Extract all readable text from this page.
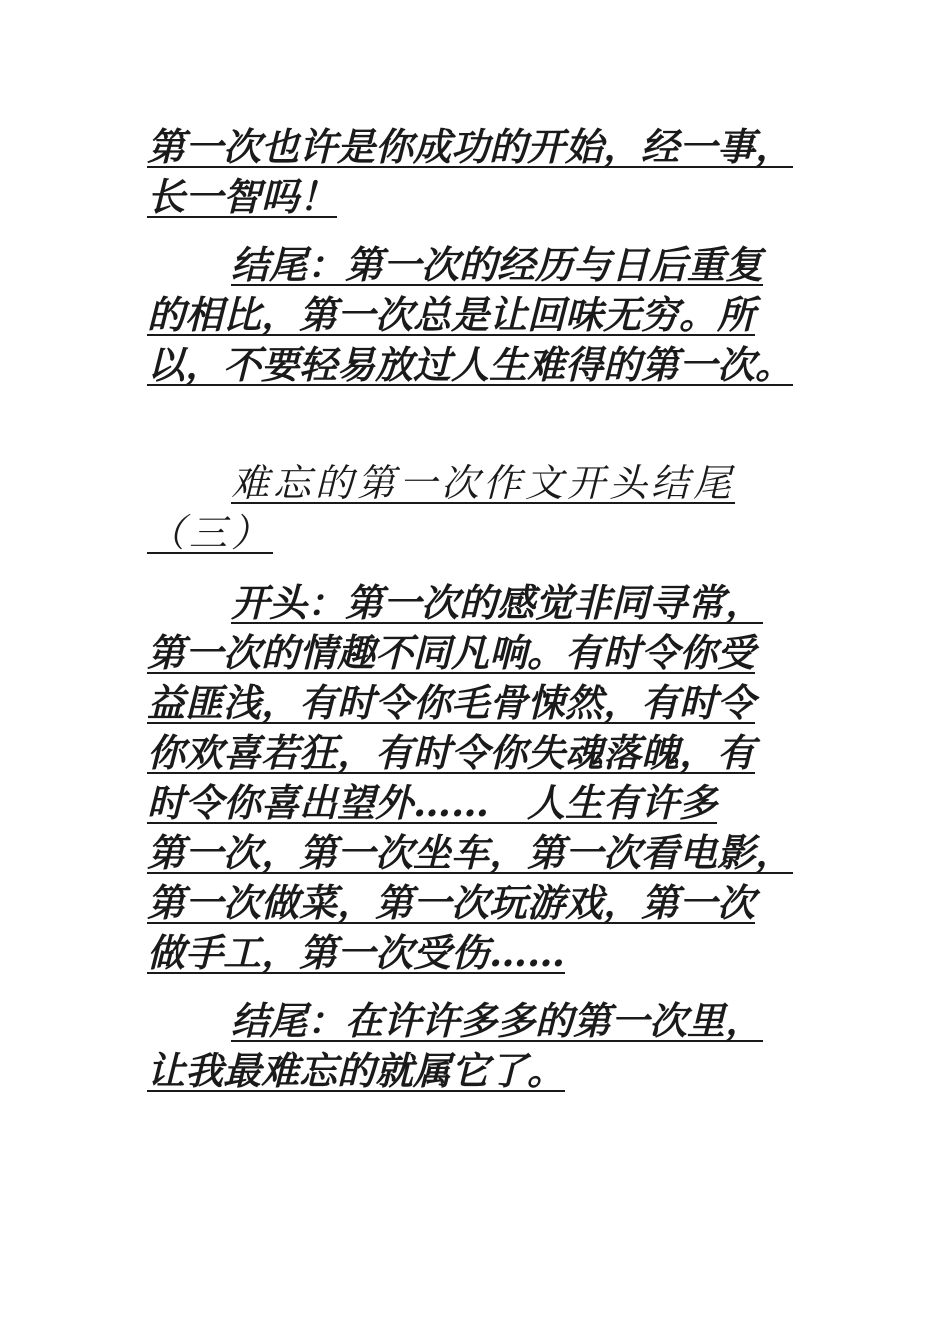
第一次也许是你成功的开始，经一事，
长一智吗！
结尾：第一次的经历与日后重复
的相比，第一次总是让回味无穷。所
以，不要轻易放过人生难得的第一次。
难忘的第一次作文开头结尾
（三）
开头：第一次的感觉非同寻常，
第一次的情趣不同凡响。有时令你受
益匪浅，有时令你毛骨悚然，有时令
你欢喜若狂，有时令你失魂落魄，有
时令你喜出望外……　人生有许多
第一次，第一次坐车，第一次看电影，
第一次做菜，第一次玩游戏，第一次
做手工，第一次受伤……
结尾：在许许多多的第一次里，
让我最难忘的就属它了。
